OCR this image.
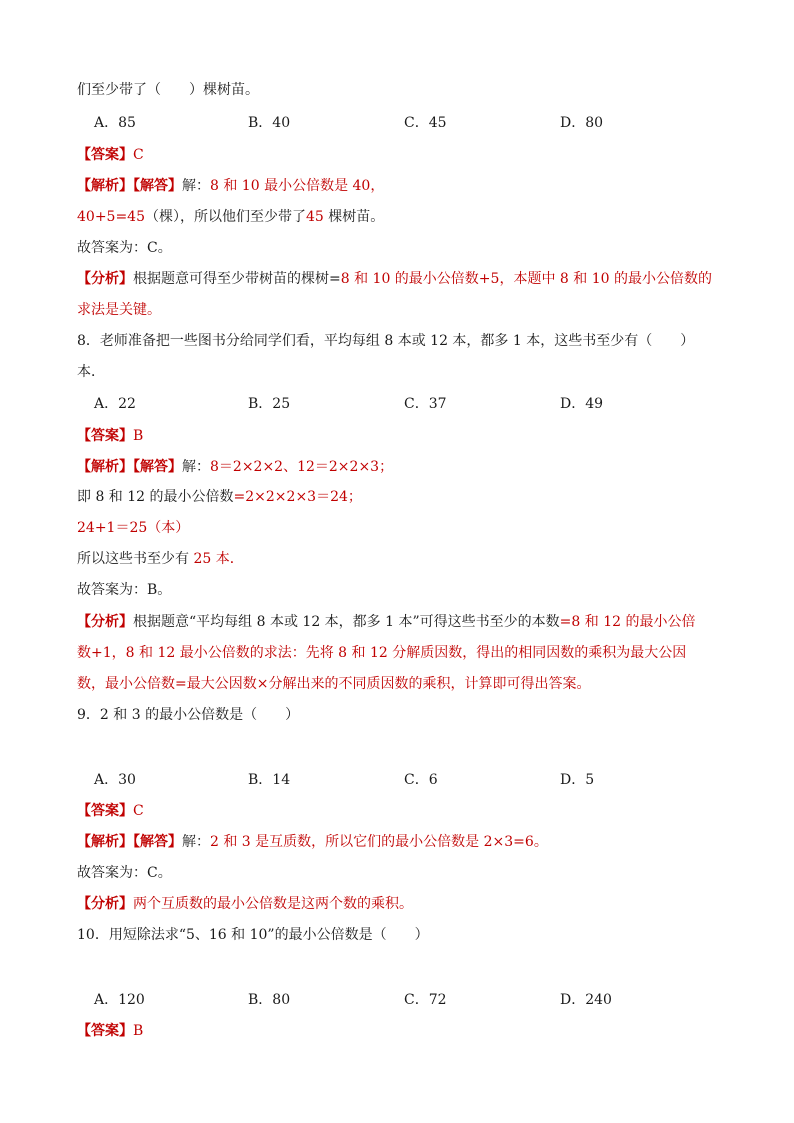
们至少带了（　　）棵树苗。
A．85	B．40	C．45	D．80
【答案】C
【解析】【解答】解：8 和 10 最小公倍数是 40，
40+5=45（棵），所以他们至少带了45 棵树苗。
故答案为：C。
【分析】根据题意可得至少带树苗的棵树=8 和 10 的最小公倍数+5，本题中 8 和 10 的最小公倍数的
求法是关键。
8．老师准备把一些图书分给同学们看，平均每组 8 本或 12 本，都多 1 本，这些书至少有（　　）
本．
A．22	B．25	C．37	D．49
【答案】B
【解析】【解答】解：8＝2×2×2、12＝2×2×3；
即 8 和 12 的最小公倍数=2×2×2×3＝24；
24+1＝25（本）
所以这些书至少有 25 本．
故答案为：B。
【分析】根据题意“平均每组 8 本或 12 本，都多 1 本”可得这些书至少的本数=8 和 12 的最小公倍
数+1，8 和 12 最小公倍数的求法：先将 8 和 12 分解质因数，得出的相同因数的乘积为最大公因
数，最小公倍数=最大公因数×分解出来的不同质因数的乘积，计算即可得出答案。
9．2 和 3 的最小公倍数是（　　）
A．30	B．14	C．6	D．5
【答案】C
【解析】【解答】解：2 和 3 是互质数，所以它们的最小公倍数是 2×3=6。
故答案为：C。
【分析】两个互质数的最小公倍数是这两个数的乘积。
10．用短除法求“5、16 和 10”的最小公倍数是（　　）
A．120	B．80	C．72	D．240
【答案】B
